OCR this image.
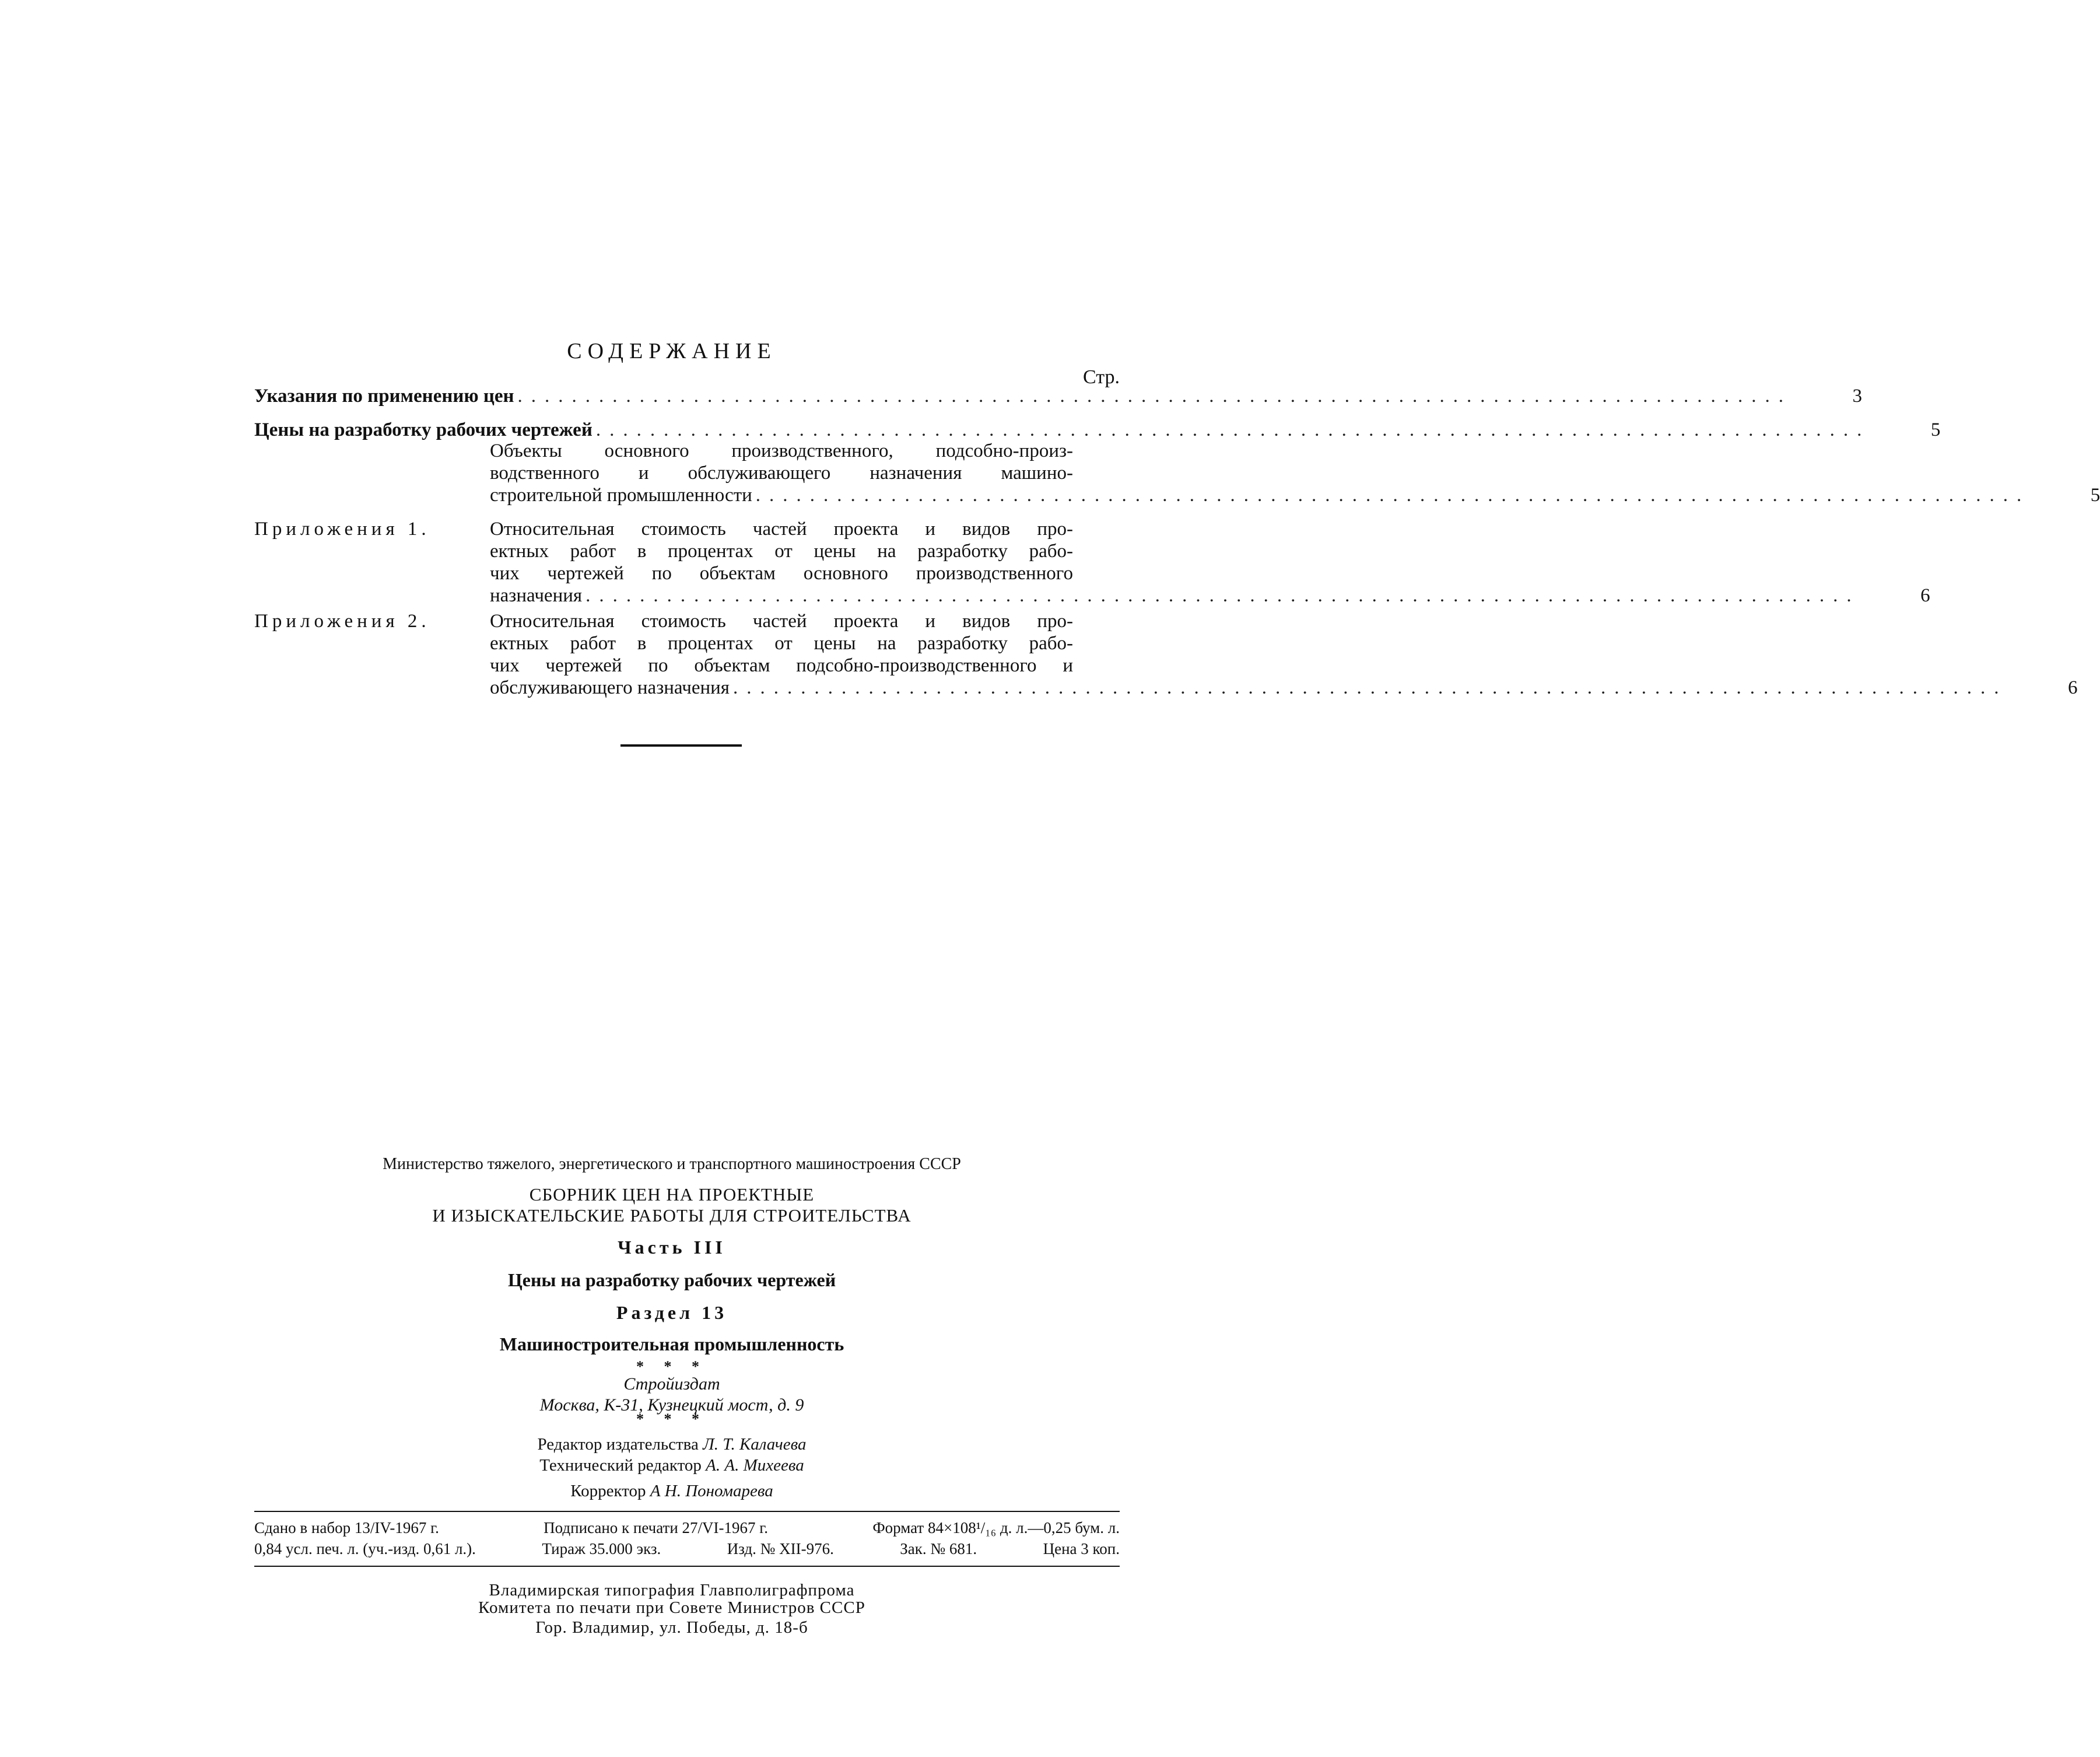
СОДЕРЖАНИЕ
Стр.
Указания по применению цен ..............................................................................................	3
Цены на разработку рабочих чертежей ..............................................................................................	5
Объекты основного производственного, подсобно-произ-
водственного и обслуживающего назначения машино-
строительной промышленности ..............................................................................................	5
Приложения 1.	Относительная стоимость частей проекта и видов про-
ектных работ в процентах от цены на разработку рабо-
чих чертежей по объектам основного производственного
назначения ..............................................................................................	6
Приложения 2.	Относительная стоимость частей проекта и видов про-
ектных работ в процентах от цены на разработку рабо-
чих чертежей по объектам подсобно-производственного и
обслуживающего назначения ..............................................................................................	6
Министерство тяжелого, энергетического и транспортного машиностроения СССР
СБОРНИК ЦЕН НА ПРОЕКТНЫЕ
И ИЗЫСКАТЕЛЬСКИЕ РАБОТЫ ДЛЯ СТРОИТЕЛЬСТВА
Часть III
Цены на разработку рабочих чертежей
Раздел 13
Машиностроительная промышленность
* * *
Стройиздат
Москва, К-31, Кузнецкий мост, д. 9
* * *
Редактор издательства Л. Т. Калачева
Технический редактор А. А. Михеева
Корректор А Н. Пономарева
Сдано в набор 13/IV-1967 г.	Подписано к печати 27/VI-1967 г.	Формат 84×108¹/₁₆ д. л.—0,25 бум. л.
0,84 усл. печ. л. (уч.-изд. 0,61 л.).	Тираж 35.000 экз.	Изд. № XII-976.	Зак. № 681.	Цена 3 коп.
Владимирская типография Главполиграфпрома
Комитета по печати при Совете Министров СССР
Гор. Владимир, ул. Победы, д. 18-б
